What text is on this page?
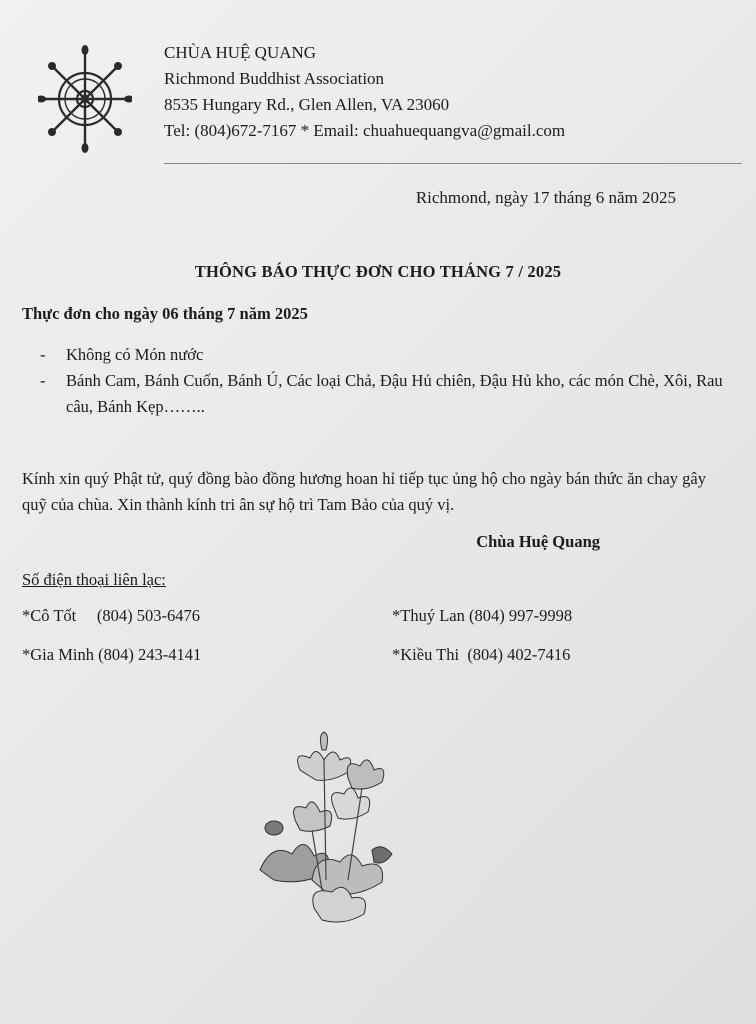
CHÙA HUỆ QUANG
Richmond Buddhist Association
8535 Hungary Rd., Glen Allen, VA 23060
Tel: (804)672-7167 * Email: chuahuequangva@gmail.com
Richmond, ngày 17 tháng 6 năm 2025
THÔNG BÁO THỰC ĐƠN CHO THÁNG 7 / 2025
Thực đơn cho ngày 06 tháng 7 năm 2025
- Không có Món nước
- Bánh Cam, Bánh Cuốn, Bánh Ú, Các loại Chả, Đậu Hủ chiên, Đậu Hủ kho, các món Chè, Xôi, Rau câu, Bánh Kẹp……..
Kính xin quý Phật tử, quý đồng bào đồng hương hoan hỉ tiếp tục ủng hộ cho ngày bán thức ăn chay gây quỹ của chùa. Xin thành kính tri ân sự hộ trì Tam Bảo của quý vị.
Chùa Huệ Quang
Số điện thoại liên lạc:
*Cô Tốt     (804) 503-6476	*Thuý Lan (804) 997-9998
*Gia Minh (804) 243-4141	*Kiều Thi  (804) 402-7416
